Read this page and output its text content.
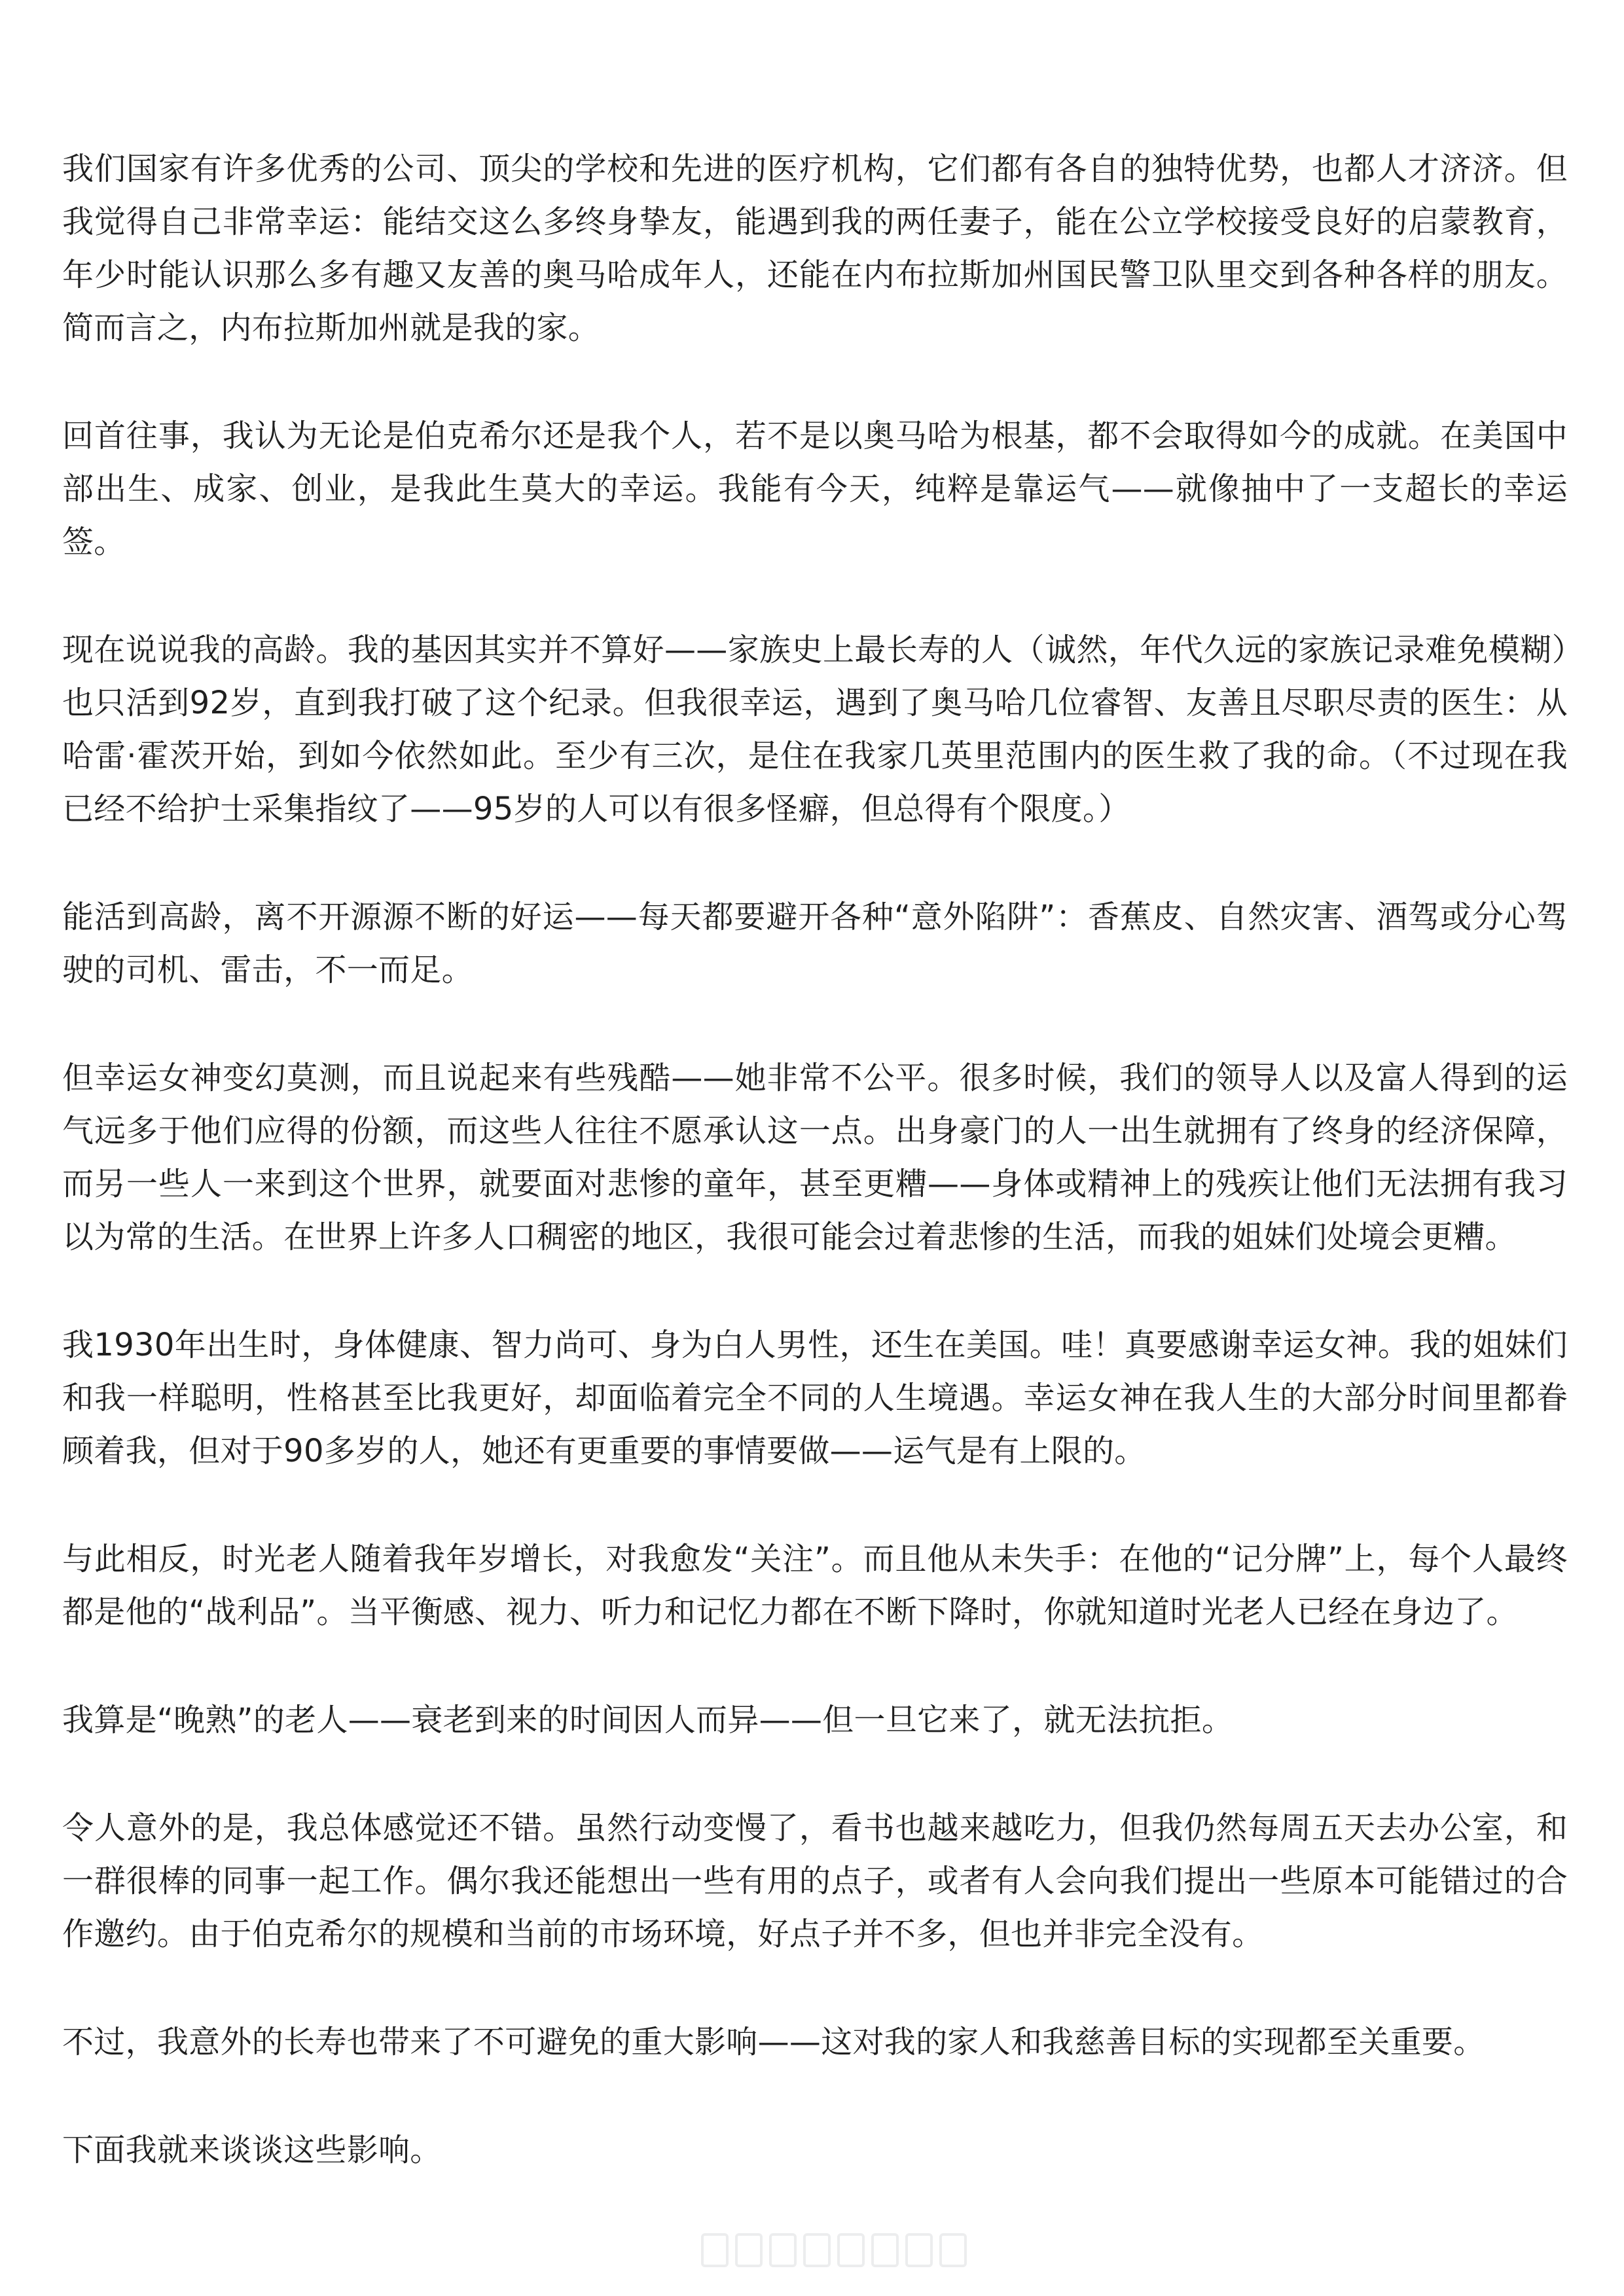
我们国家有许多优秀的公司、顶尖的学校和先进的医疗机构，它们都有各自的独特优势，也都人才济济。但我觉得自己非常幸运：能结交这么多终身挚友，能遇到我的两任妻子，能在公立学校接受良好的启蒙教育，年少时能认识那么多有趣又友善的奥马哈成年人，还能在内布拉斯加州国民警卫队里交到各种各样的朋友。简而言之，内布拉斯加州就是我的家。

回首往事，我认为无论是伯克希尔还是我个人，若不是以奥马哈为根基，都不会取得如今的成就。在美国中部出生、成家、创业，是我此生莫大的幸运。我能有今天，纯粹是靠运气——就像抽中了一支超长的幸运签。

现在说说我的高龄。我的基因其实并不算好——家族史上最长寿的人（诚然，年代久远的家族记录难免模糊）也只活到92岁，直到我打破了这个纪录。但我很幸运，遇到了奥马哈几位睿智、友善且尽职尽责的医生：从哈雷·霍茨开始，到如今依然如此。至少有三次，是住在我家几英里范围内的医生救了我的命。（不过现在我已经不给护士采集指纹了——95岁的人可以有很多怪癖，但总得有个限度。）

能活到高龄，离不开源源不断的好运——每天都要避开各种“意外陷阱”：香蕉皮、自然灾害、酒驾或分心驾驶的司机、雷击，不一而足。

但幸运女神变幻莫测，而且说起来有些残酷——她非常不公平。很多时候，我们的领导人以及富人得到的运气远多于他们应得的份额，而这些人往往不愿承认这一点。出身豪门的人一出生就拥有了终身的经济保障，而另一些人一来到这个世界，就要面对悲惨的童年，甚至更糟——身体或精神上的残疾让他们无法拥有我习以为常的生活。在世界上许多人口稠密的地区，我很可能会过着悲惨的生活，而我的姐妹们处境会更糟。

我1930年出生时，身体健康、智力尚可、身为白人男性，还生在美国。哇！真要感谢幸运女神。我的姐妹们和我一样聪明，性格甚至比我更好，却面临着完全不同的人生境遇。幸运女神在我人生的大部分时间里都眷顾着我，但对于90多岁的人，她还有更重要的事情要做——运气是有上限的。

与此相反，时光老人随着我年岁增长，对我愈发“关注”。而且他从未失手：在他的“记分牌”上，每个人最终都是他的“战利品”。当平衡感、视力、听力和记忆力都在不断下降时，你就知道时光老人已经在身边了。

我算是“晚熟”的老人——衰老到来的时间因人而异——但一旦它来了，就无法抗拒。

令人意外的是，我总体感觉还不错。虽然行动变慢了，看书也越来越吃力，但我仍然每周五天去办公室，和一群很棒的同事一起工作。偶尔我还能想出一些有用的点子，或者有人会向我们提出一些原本可能错过的合作邀约。由于伯克希尔的规模和当前的市场环境，好点子并不多，但也并非完全没有。

不过，我意外的长寿也带来了不可避免的重大影响——这对我的家人和我慈善目标的实现都至关重要。

下面我就来谈谈这些影响。
